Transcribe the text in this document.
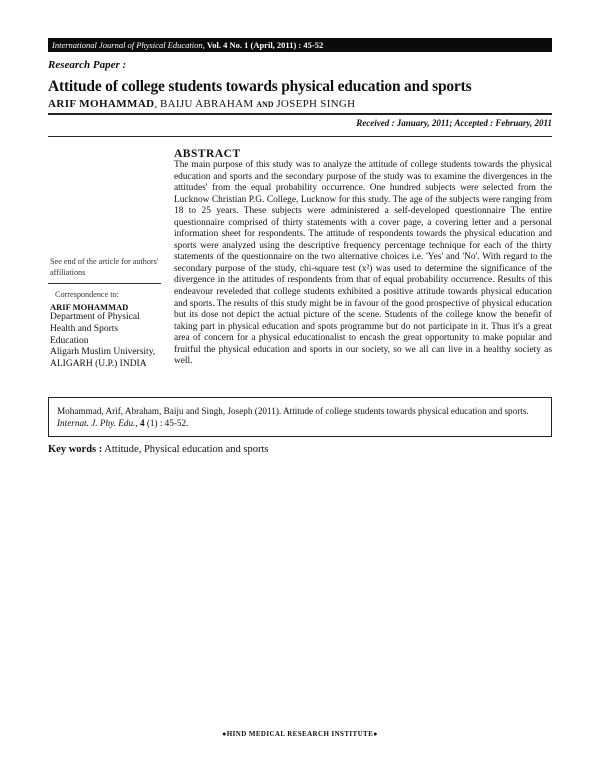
International Journal of Physical Education, Vol. 4 No. 1 (April, 2011) : 45-52
Research Paper :
Attitude of college students towards physical education and sports
ARIF MOHAMMAD, BAIJU ABRAHAM AND JOSEPH SINGH
Received : January, 2011; Accepted : February, 2011
ABSTRACT

The main purpose of this study was to analyze the attitude of college students towards the physical education and sports and the secondary purpose of the study was to examine the divergences in the attitudes' from the equal probability occurrence. One hundred subjects were selected from the Lucknow Christian P.G. College, Lucknow for this study. The age of the subjects were ranging from 18 to 25 years. These subjects were administered a self-developed questionnaire The entire questionnaire comprised of thirty statements with a cover page, a covering letter and a personal information sheet for respondents. The attitude of respondents towards the physical education and sports were analyzed using the descriptive frequency percentage technique for each of the thirty statements of the questionnaire on the two alternative choices i.e. 'Yes' and 'No'. With regard to the secondary purpose of the study, chi-square test (x²) was used to determine the significance of the divergence in the attitudes of respondents from that of equal probability occurrence. Results of this endeavour reveleded that college students exhibited a positive attitude towards physical education and sports. The results of this study might be in favour of the good prospective of physical education but its dose not depict the actual picture of the scene. Students of the college know the benefit of taking part in physical education and spots programme but do not participate in it. Thus it's a great area of concern for a physical educationalist to encash the great opportunity to make popular and fruitful the physical education and sports in our society, so we all can live in a healthy society as well.

See end of the article for authors' affiliations
Correspondence to:
ARIF MOHAMMAD
Department of Physical
Health and Sports
Education
Aligarh Muslim University,
ALIGARH (U.P.) INDIA
Mohammad, Arif, Abraham, Baiju and Singh, Joseph (2011). Attitude of college students towards physical education and sports. Internat. J. Phy. Edu., 4 (1) : 45-52.
Key words : Attitude, Physical education and sports
●HIND MEDICAL RESEARCH INSTITUTE●
